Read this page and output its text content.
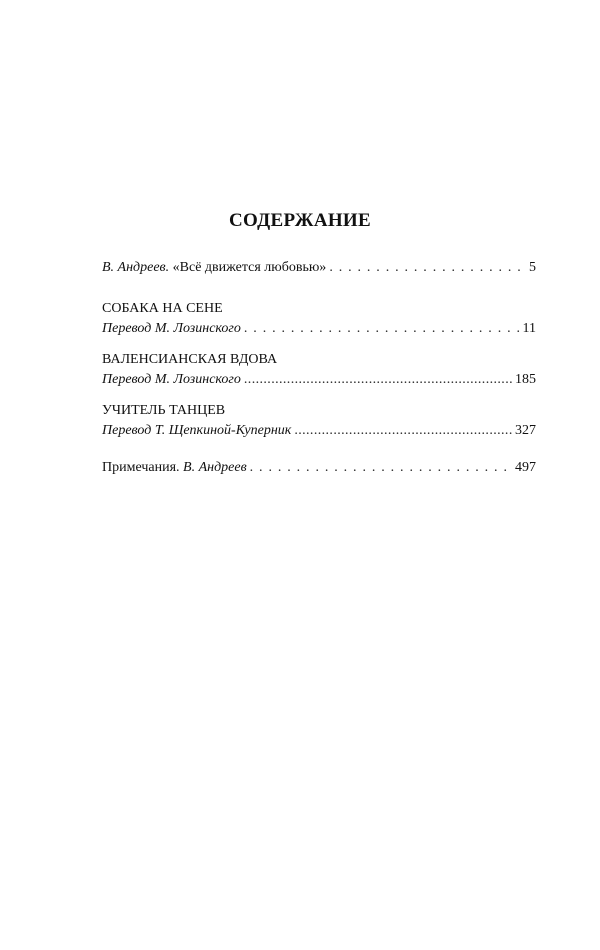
СОДЕРЖАНИЕ
В. Андреев. «Всё движется любовью» . . .	5
СОБАКА НА СЕНЕ
Перевод М. Лозинского . . .	11
ВАЛЕНСИАНСКАЯ ВДОВА
Перевод М. Лозинского .....	185
УЧИТЕЛЬ ТАНЦЕВ
Перевод Т. Щепкиной-Куперник .....	327
Примечания. В. Андреев . . .	497
